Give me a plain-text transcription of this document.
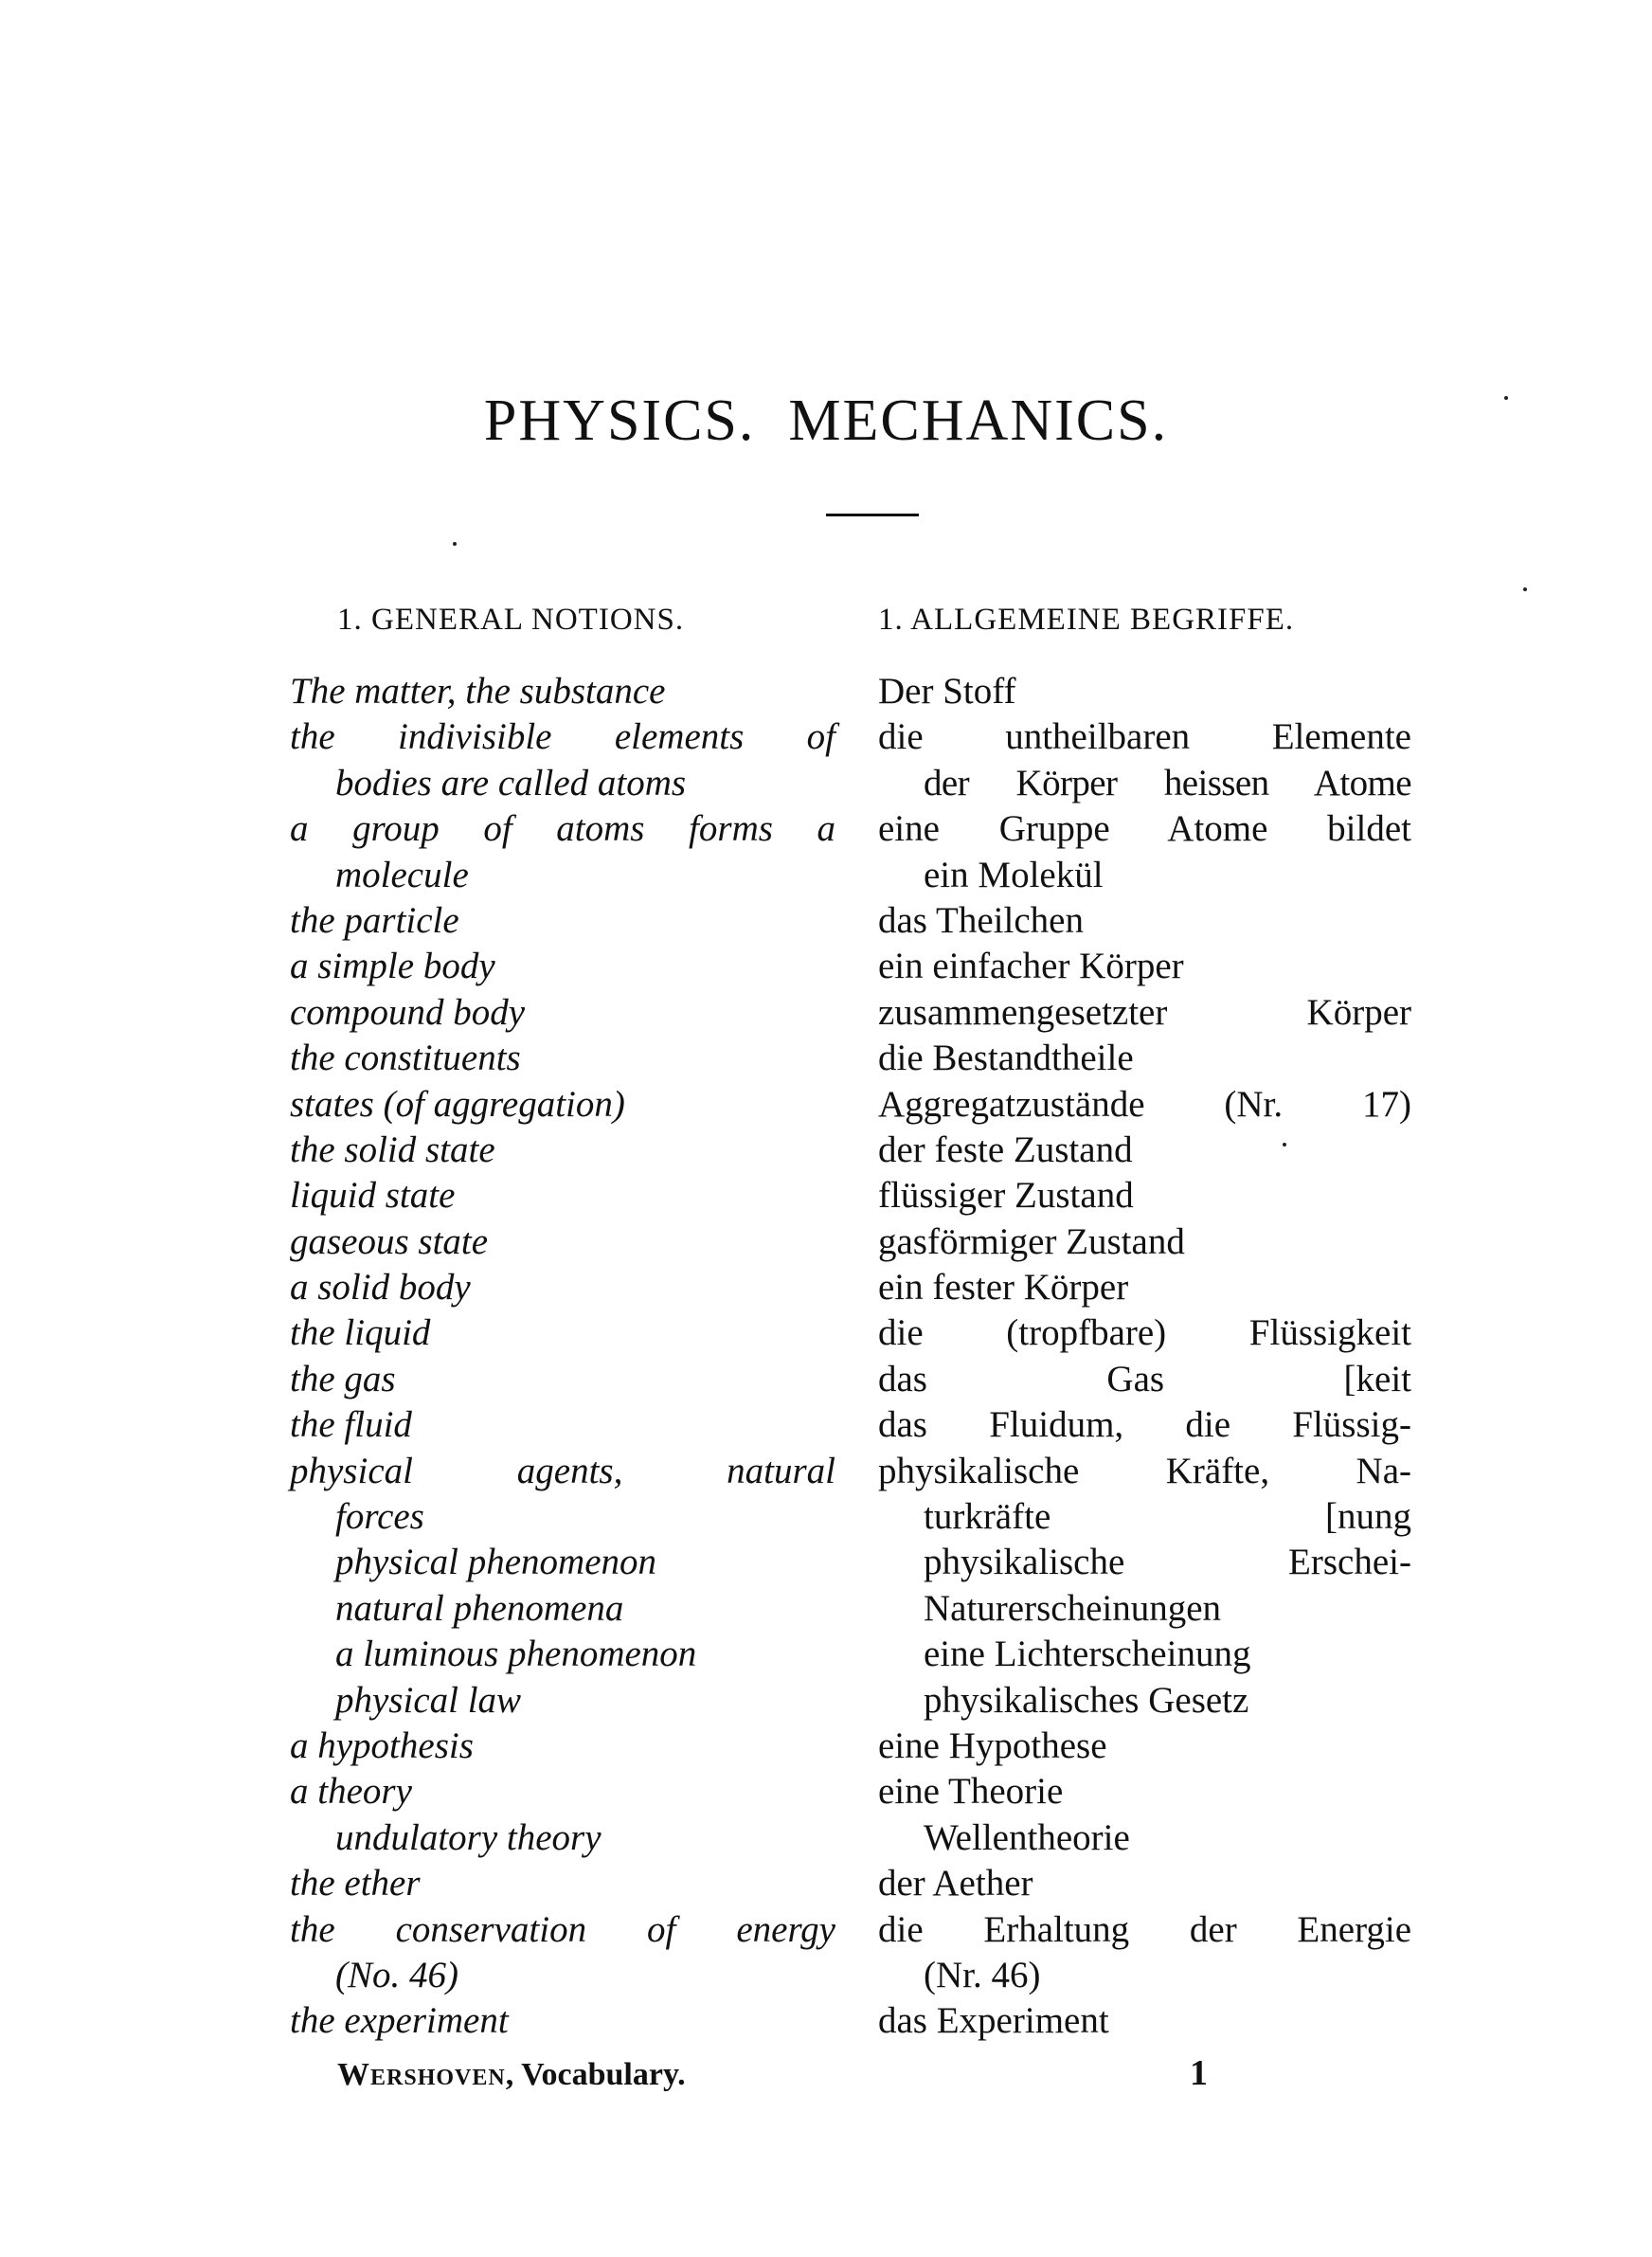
PHYSICS.  MECHANICS.
1. GENERAL NOTIONS.	1. ALLGEMEINE BEGRIFFE.
The matter, the substance
the indivisible elements of
bodies are called atoms
a group of atoms forms a
molecule
the particle
a simple body
compound body
the constituents
states (of aggregation)
the solid state
liquid state
gaseous state
a solid body
the liquid
the gas
the fluid
physical agents, natural
forces
physical phenomenon
natural phenomena
a luminous phenomenon
physical law
a hypothesis
a theory
undulatory theory
the ether
the conservation of energy
(No. 46)
the experiment
Der Stoff
die untheilbaren Elemente
der Körper heissen Atome
eine Gruppe Atome bildet
ein Molekül
das Theilchen
ein einfacher Körper
zusammengesetzter Körper
die Bestandtheile
Aggregatzustände (Nr. 17)
der feste Zustand
flüssiger Zustand
gasförmiger Zustand
ein fester Körper
die (tropfbare) Flüssigkeit
das Gas [keit
das Fluidum, die Flüssig-
physikalische Kräfte, Na-
turkräfte [nung
physikalische Erschei-
Naturerscheinungen
eine Lichterscheinung
physikalisches Gesetz
eine Hypothese
eine Theorie
Wellentheorie
der Aether
die Erhaltung der Energie
(Nr. 46)
das Experiment
Wershoven, Vocabulary.	1
